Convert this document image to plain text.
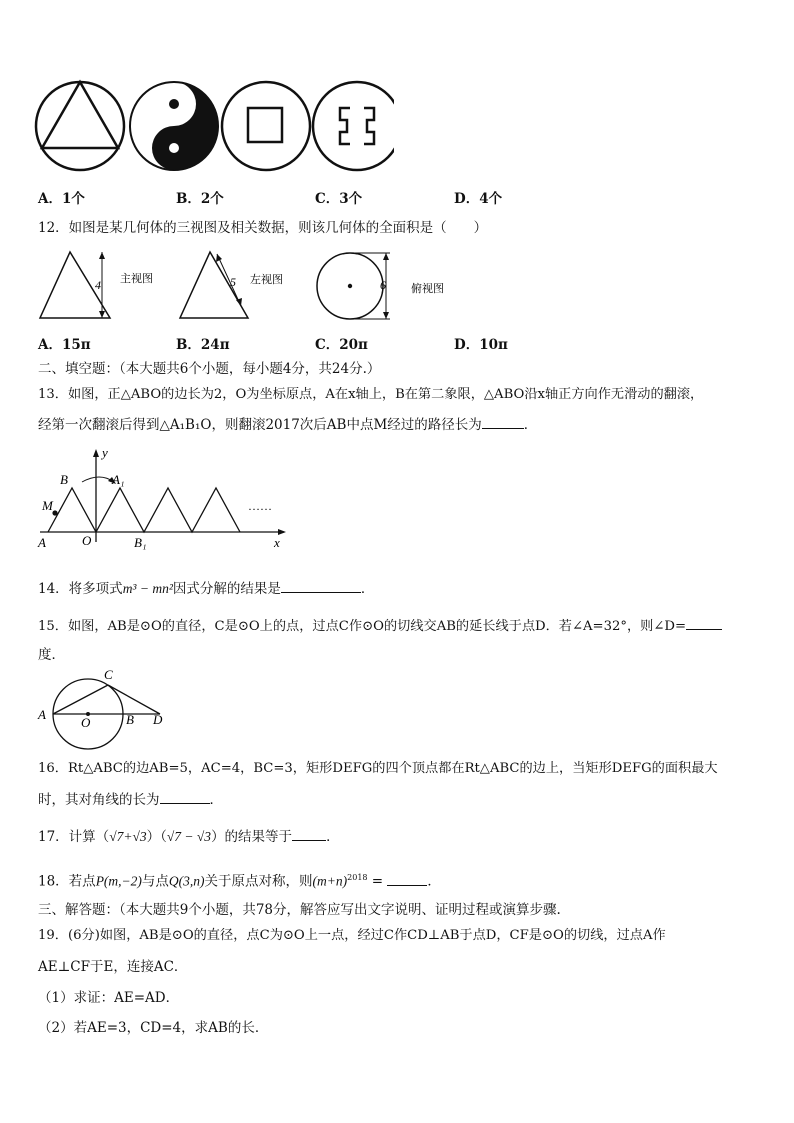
A．1个	B．2个	C．3个	D．4个
12．如图是某几何体的三视图及相关数据，则该几何体的全面积是（　　）
4 主视图	5 左视图	6 俯视图
A．15π	B．24π	C．20π	D．10π
二、填空题：（本大题共6个小题，每小题4分，共24分.）
13．如图，正△ABO的边长为2，O为坐标原点，A在x轴上，B在第二象限，△ABO沿x轴正方向作无滑动的翻滚，
经第一次翻滚后得到△A₁B₁O，则翻滚2017次后AB中点M经过的路径长为	．
y
x
B	A₁
M
A	O	B₁
……
14．将多项式m³ − mn²因式分解的结果是	．
15．如图，AB是⊙O的直径，C是⊙O上的点，过点C作⊙O的切线交AB的延长线于点D．若∠A=32°，则∠D=
度．
C
A
O	B D
16．Rt△ABC的边AB=5，AC=4，BC=3，矩形DEFG的四个顶点都在Rt△ABC的边上，当矩形DEFG的面积最大
时，其对角线的长为	．
17．计算（√7+√3）（√7 − √3）的结果等于	．
18．若点P(m,−2)与点Q(3,n)关于原点对称，则$(m+n)^{2018}$ =	．
三、解答题：（本大题共9个小题，共78分，解答应写出文字说明、证明过程或演算步骤.
19．(6分)如图，AB是⊙O的直径，点C为⊙O上一点，经过C作CD⊥AB于点D，CF是⊙O的切线，过点A作
AE⊥CF于E，连接AC．
（1）求证：AE=AD．
（2）若AE=3，CD=4，求AB的长．
